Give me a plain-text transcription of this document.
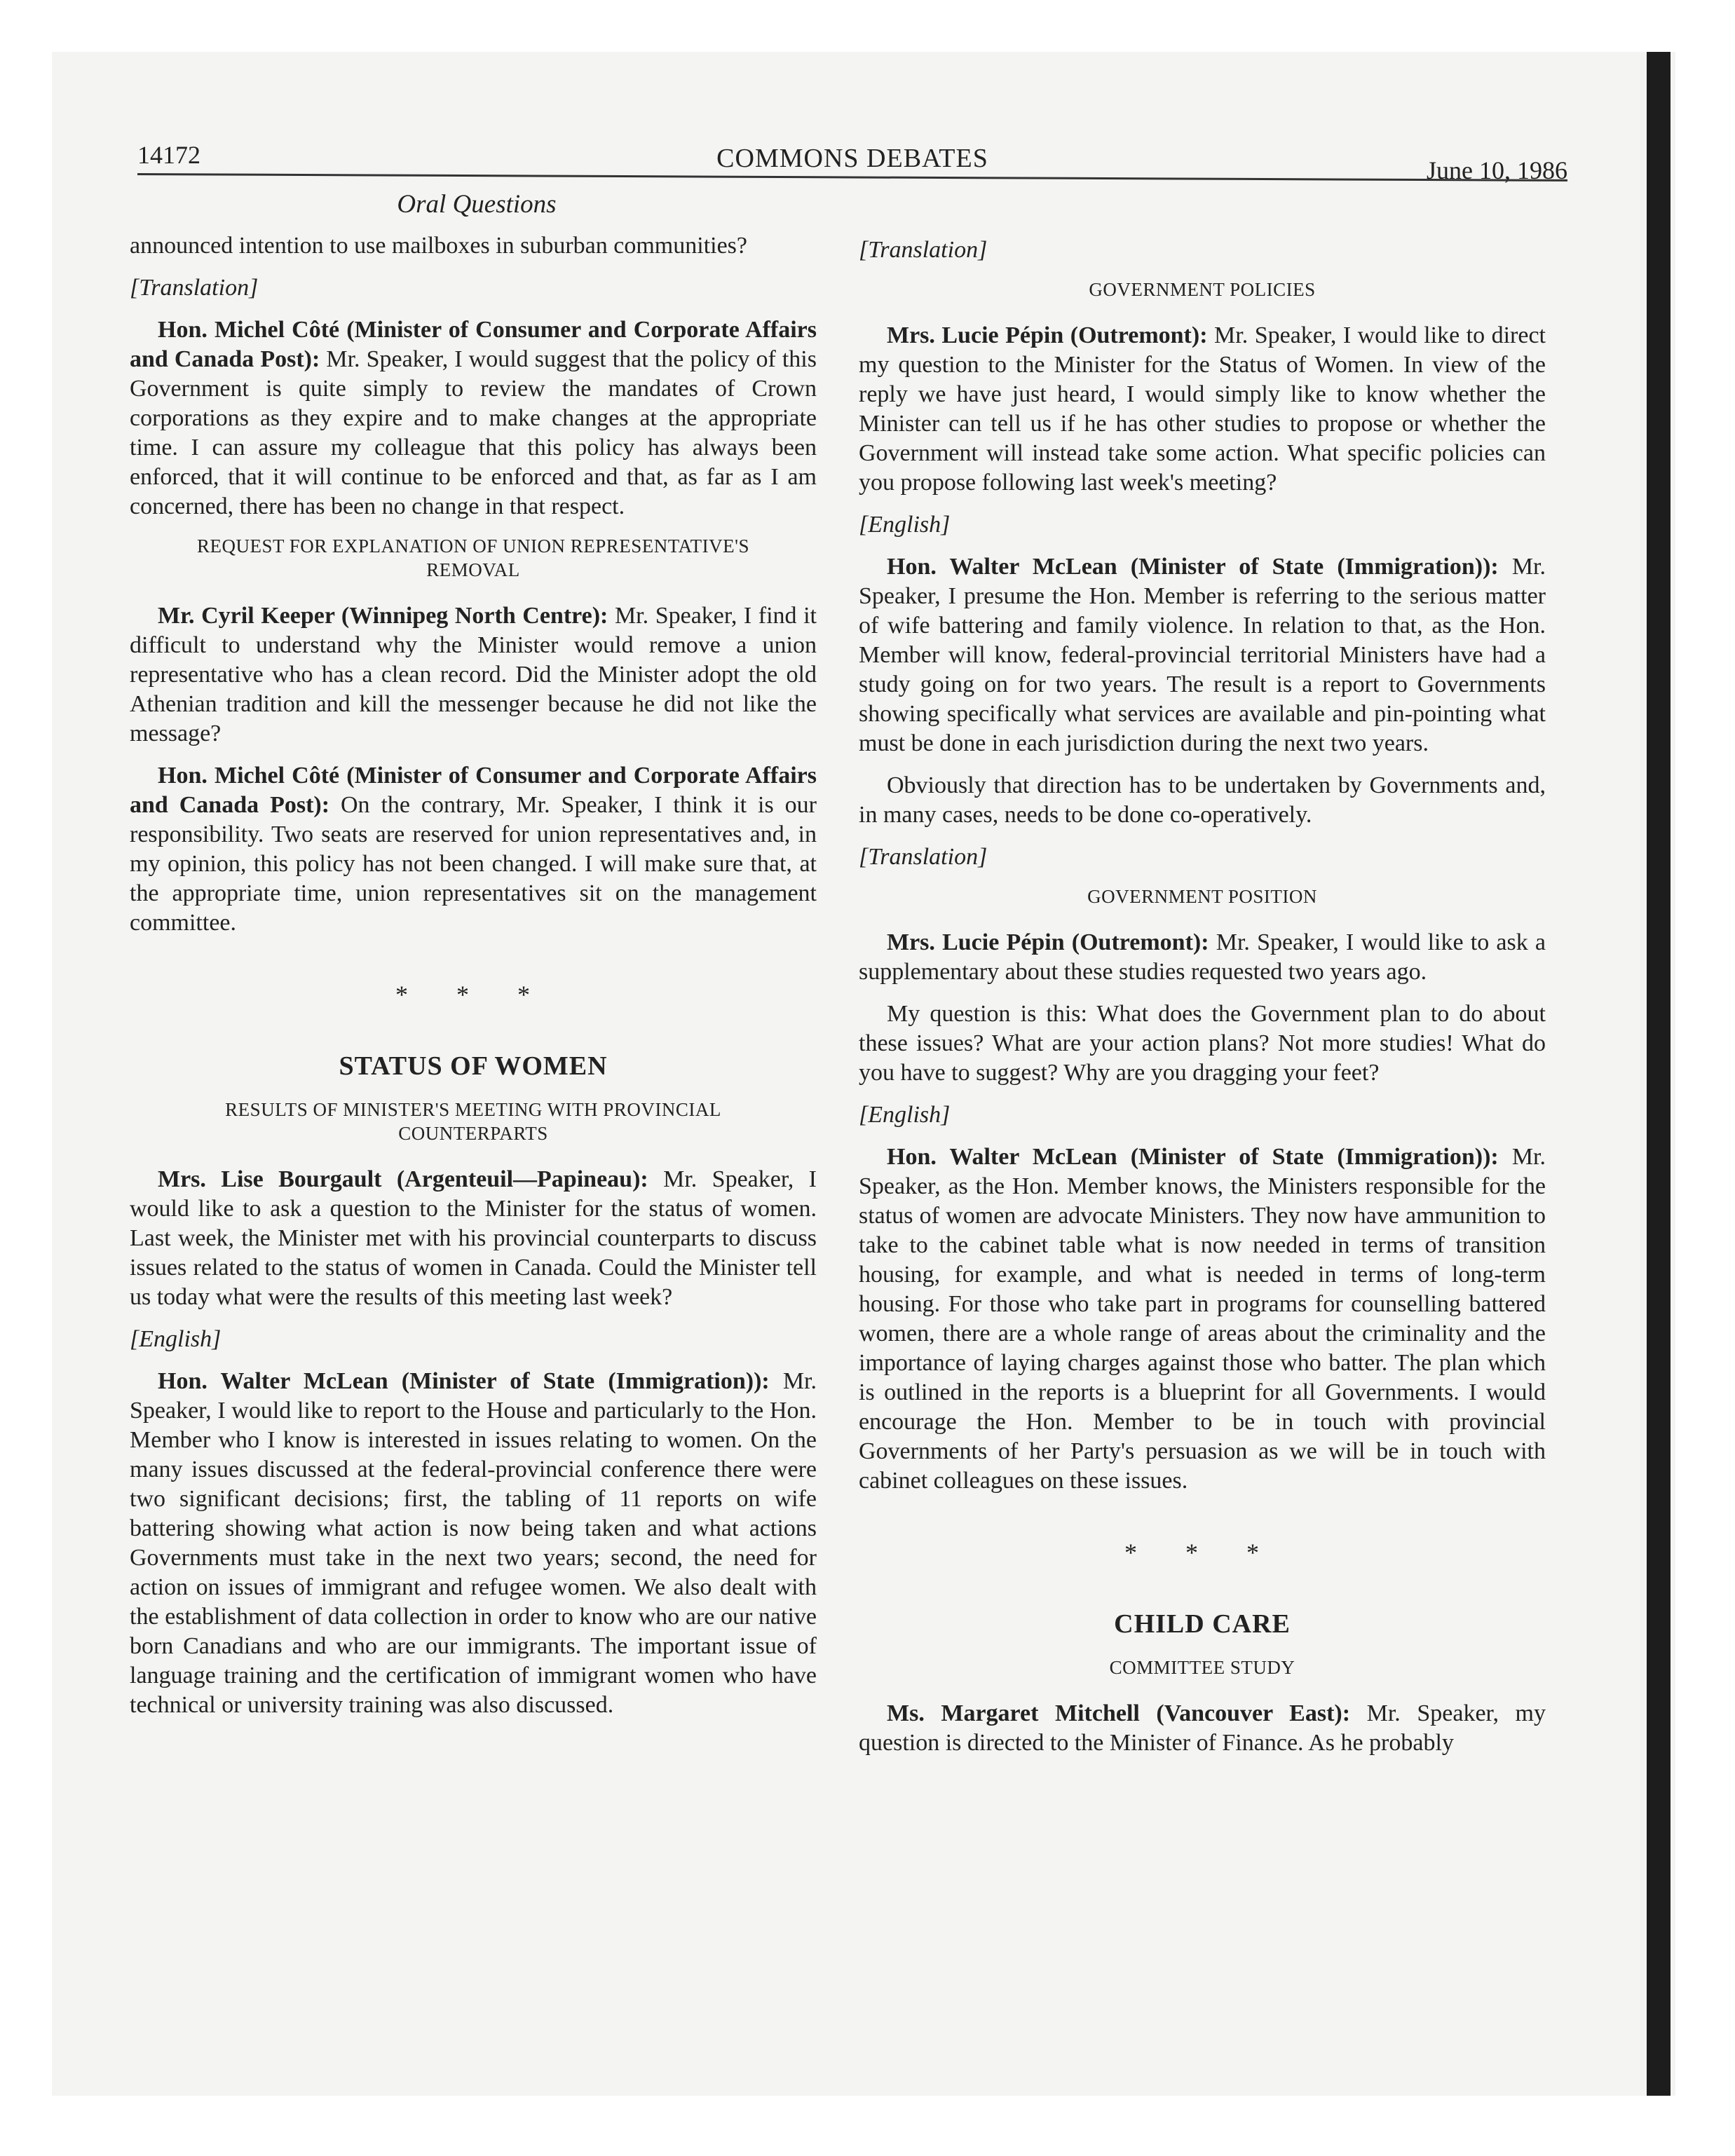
14172	COMMONS DEBATES	June 10, 1986
Oral Questions

announced intention to use mailboxes in suburban communities?

[Translation]

Hon. Michel Côté (Minister of Consumer and Corporate Affairs and Canada Post): Mr. Speaker, I would suggest that the policy of this Government is quite simply to review the mandates of Crown corporations as they expire and to make changes at the appropriate time. I can assure my colleague that this policy has always been enforced, that it will continue to be enforced and that, as far as I am concerned, there has been no change in that respect.

REQUEST FOR EXPLANATION OF UNION REPRESENTATIVE'S REMOVAL

Mr. Cyril Keeper (Winnipeg North Centre): Mr. Speaker, I find it difficult to understand why the Minister would remove a union representative who has a clean record. Did the Minister adopt the old Athenian tradition and kill the messenger because he did not like the message?

Hon. Michel Côté (Minister of Consumer and Corporate Affairs and Canada Post): On the contrary, Mr. Speaker, I think it is our responsibility. Two seats are reserved for union representatives and, in my opinion, this policy has not been changed. I will make sure that, at the appropriate time, union representatives sit on the management committee.

* * *
STATUS OF WOMEN
RESULTS OF MINISTER'S MEETING WITH PROVINCIAL COUNTERPARTS

Mrs. Lise Bourgault (Argenteuil—Papineau): Mr. Speaker, I would like to ask a question to the Minister for the status of women. Last week, the Minister met with his provincial counterparts to discuss issues related to the status of women in Canada. Could the Minister tell us today what were the results of this meeting last week?

[English]

Hon. Walter McLean (Minister of State (Immigration)): Mr. Speaker, I would like to report to the House and particularly to the Hon. Member who I know is interested in issues relating to women. On the many issues discussed at the federal-provincial conference there were two significant decisions; first, the tabling of 11 reports on wife battering showing what action is now being taken and what actions Governments must take in the next two years; second, the need for action on issues of immigrant and refugee women. We also dealt with the establishment of data collection in order to know who are our native born Canadians and who are our immigrants. The important issue of language training and the certification of immigrant women who have technical or university training was also discussed.

[Translation]
GOVERNMENT POLICIES

Mrs. Lucie Pépin (Outremont): Mr. Speaker, I would like to direct my question to the Minister for the Status of Women. In view of the reply we have just heard, I would simply like to know whether the Minister can tell us if he has other studies to propose or whether the Government will instead take some action. What specific policies can you propose following last week's meeting?

[English]

Hon. Walter McLean (Minister of State (Immigration)): Mr. Speaker, I presume the Hon. Member is referring to the serious matter of wife battering and family violence. In relation to that, as the Hon. Member will know, federal-provincial territorial Ministers have had a study going on for two years. The result is a report to Governments showing specifically what services are available and pin-pointing what must be done in each jurisdiction during the next two years.

Obviously that direction has to be undertaken by Governments and, in many cases, needs to be done co-operatively.

[Translation]
GOVERNMENT POSITION

Mrs. Lucie Pépin (Outremont): Mr. Speaker, I would like to ask a supplementary about these studies requested two years ago.

My question is this: What does the Government plan to do about these issues? What are your action plans? Not more studies! What do you have to suggest? Why are you dragging your feet?

[English]

Hon. Walter McLean (Minister of State (Immigration)): Mr. Speaker, as the Hon. Member knows, the Ministers responsible for the status of women are advocate Ministers. They now have ammunition to take to the cabinet table what is now needed in terms of transition housing, for example, and what is needed in terms of long-term housing. For those who take part in programs for counselling battered women, there are a whole range of areas about the criminality and the importance of laying charges against those who batter. The plan which is outlined in the reports is a blueprint for all Governments. I would encourage the Hon. Member to be in touch with provincial Governments of her Party's persuasion as we will be in touch with cabinet colleagues on these issues.

* * *
CHILD CARE
COMMITTEE STUDY

Ms. Margaret Mitchell (Vancouver East): Mr. Speaker, my question is directed to the Minister of Finance. As he probably
